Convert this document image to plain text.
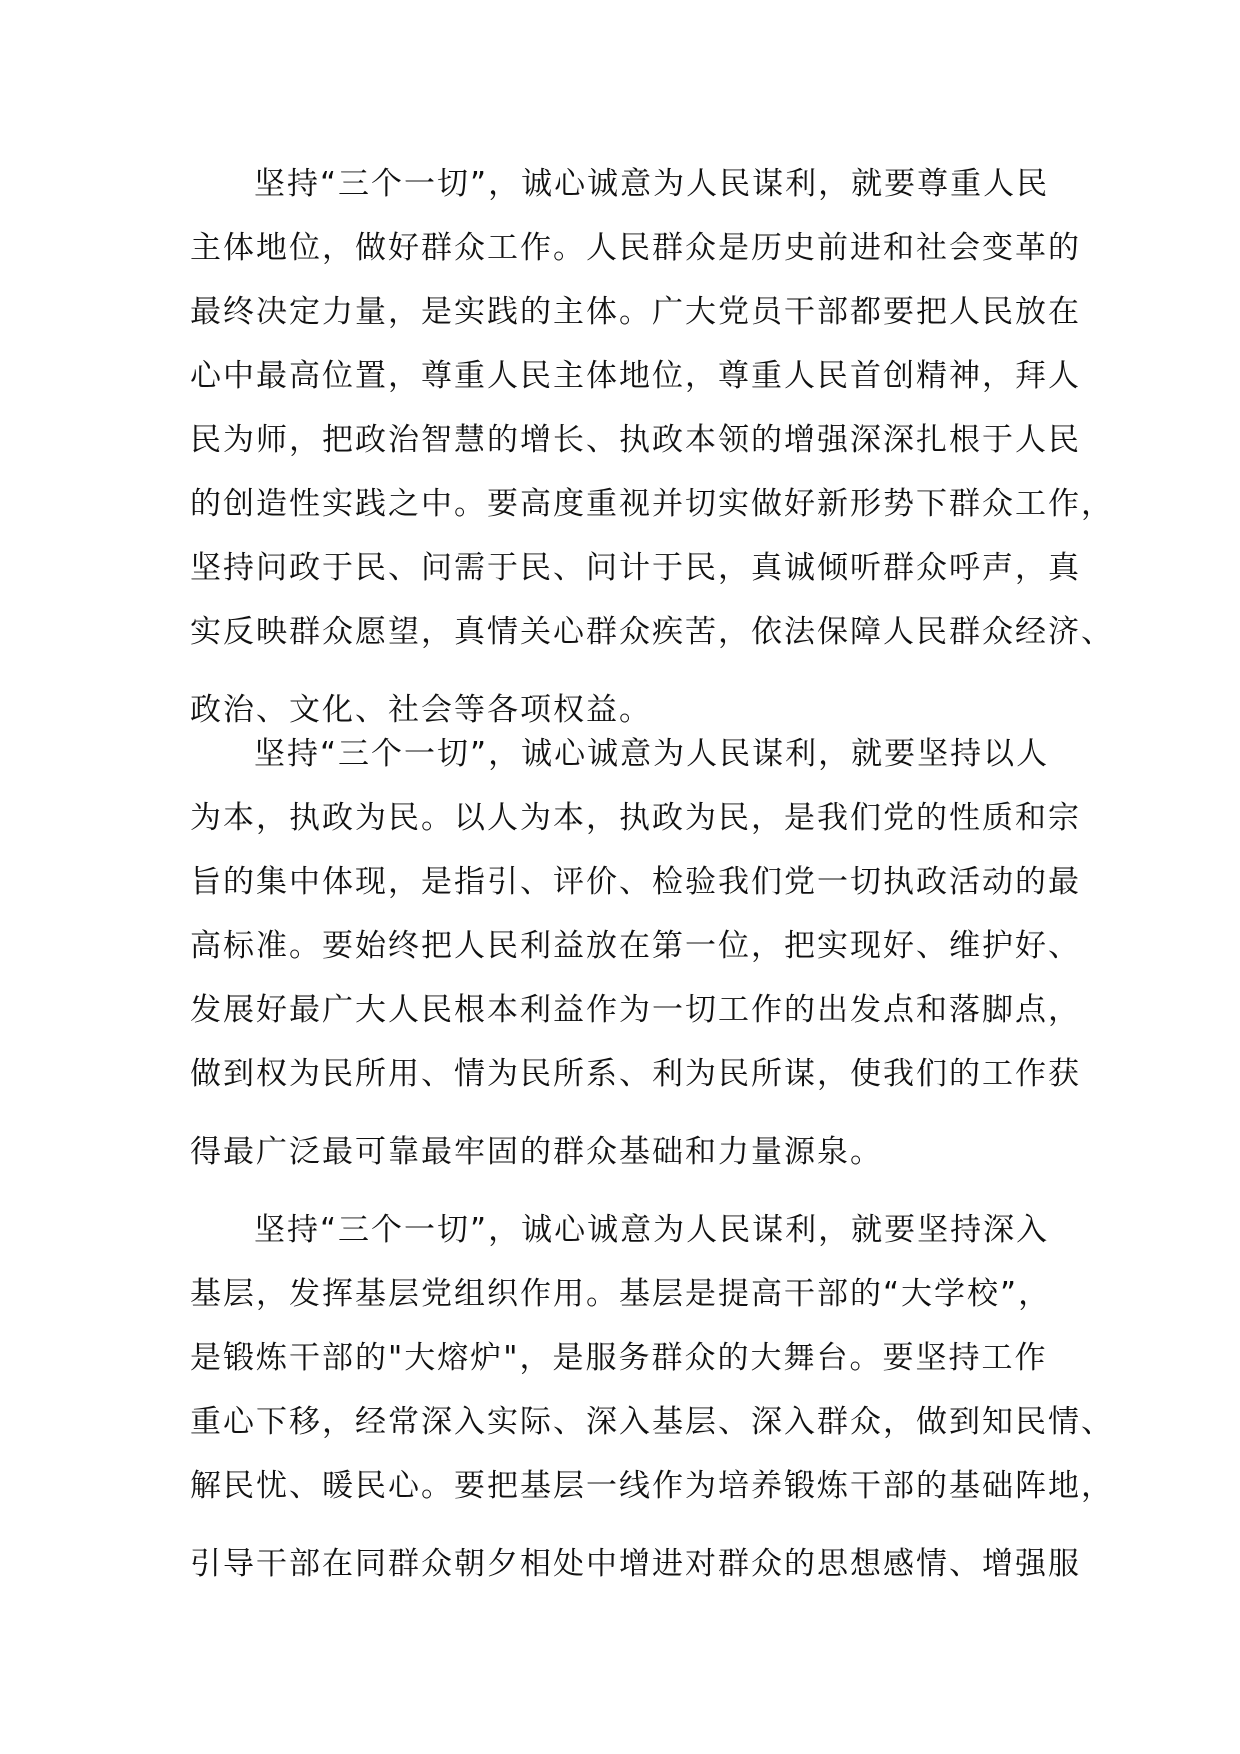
坚持“三个一切”，诚心诚意为人民谋利，就要尊重人民
主体地位，做好群众工作。人民群众是历史前进和社会变革的
最终决定力量，是实践的主体。广大党员干部都要把人民放在
心中最高位置，尊重人民主体地位，尊重人民首创精神，拜人
民为师，把政治智慧的增长、执政本领的增强深深扎根于人民
的创造性实践之中。要高度重视并切实做好新形势下群众工作，
坚持问政于民、问需于民、问计于民，真诚倾听群众呼声，真
实反映群众愿望，真情关心群众疾苦，依法保障人民群众经济、
政治、文化、社会等各项权益。
坚持“三个一切”，诚心诚意为人民谋利，就要坚持以人
为本，执政为民。以人为本，执政为民，是我们党的性质和宗
旨的集中体现，是指引、评价、检验我们党一切执政活动的最
高标准。要始终把人民利益放在第一位，把实现好、维护好、
发展好最广大人民根本利益作为一切工作的出发点和落脚点，
做到权为民所用、情为民所系、利为民所谋，使我们的工作获
得最广泛最可靠最牢固的群众基础和力量源泉。
坚持“三个一切”，诚心诚意为人民谋利，就要坚持深入
基层，发挥基层党组织作用。基层是提高干部的“大学校”，
是锻炼干部的"大熔炉"，是服务群众的大舞台。要坚持工作
重心下移，经常深入实际、深入基层、深入群众，做到知民情、
解民忧、暖民心。要把基层一线作为培养锻炼干部的基础阵地，
引导干部在同群众朝夕相处中增进对群众的思想感情、增强服
